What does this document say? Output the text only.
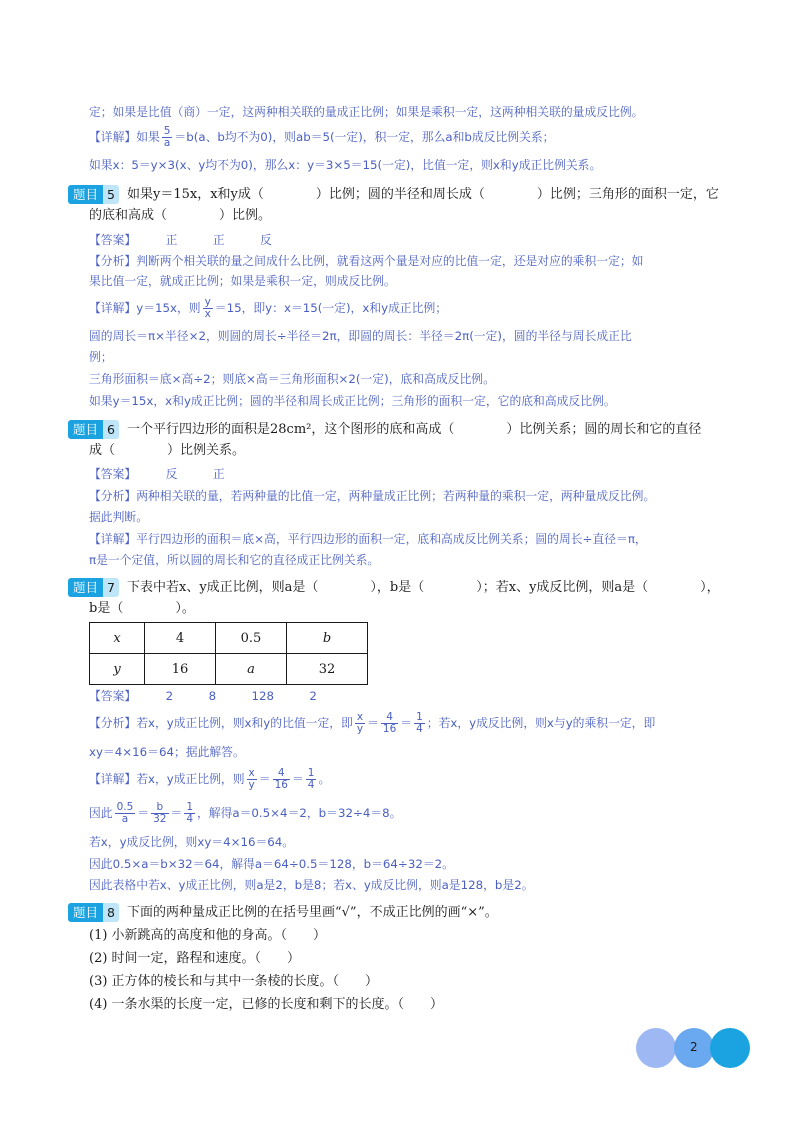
定；如果是比值（商）一定，这两种相关联的量成正比例；如果是乘积一定，这两种相关联的量成反比例。
【详解】如果 $\frac{5}{a} =b(a$、b均不为0)，则ab＝5(一定)，积一定，那么a和b成反比例关系；
如果x：5＝y×3(x、y均不为0)，那么x：y＝3×5＝15(一定)，比值一定，则x和y成正比例关系。
题目 5 如果y＝15x，x和y成（　　　　）比例；圆的半径和周长成（　　　　）比例；三角形的面积一定，它
的底和高成（　　　　）比例。
【答案】　　　正　　　正　　　反
【分析】判断两个相关联的量之间成什么比例，就看这两个量是对应的比值一定，还是对应的乘积一定；如
果比值一定，就成正比例；如果是乘积一定，则成反比例。
【详解】y＝15x，则 $\frac{y}{x} =15$，即y：x＝15(一定)，x和y成正比例；
圆的周长＝π×半径×2，则圆的周长÷半径＝2π，即圆的周长：半径＝2π(一定)，圆的半径与周长成正比
例；
三角形面积＝底×高÷2；则底×高＝三角形面积×2(一定)，底和高成反比例。
如果y＝15x，x和y成正比例；圆的半径和周长成正比例；三角形的面积一定，它的底和高成反比例。
题目 6 一个平行四边形的面积是28cm²，这个图形的底和高成（　　　　）比例关系；圆的周长和它的直径
成（　　　　）比例关系。
【答案】　　　反　　　正
【分析】两种相关联的量，若两种量的比值一定，两种量成正比例；若两种量的乘积一定，两种量成反比例。
据此判断。
【详解】平行四边形的面积＝底×高，平行四边形的面积一定，底和高成反比例关系；圆的周长÷直径＝π，
π是一个定值，所以圆的周长和它的直径成正比例关系。
题目 7 下表中若x、y成正比例，则a是（　　　　），b是（　　　　）；若x、y成反比例，则a是（　　　　），
b是（　　　　）。
x	4	0.5	b
y	16	a	32
【答案】　　　2　　　8　　　128　　　2
【分析】若x，y成正比例，则x和y的比值一定，即 $\frac{x}{y} = \frac{4}{16} = \frac{1}{4}$ ；若x，y成反比例，则x与y的乘积一定，即
xy＝4×16＝64；据此解答。
【详解】若x，y成正比例，则 $\frac{x}{y} = \frac{4}{16} = \frac{1}{4}$ 。
因此 $\frac{0.5}{a} = \frac{b}{32} = \frac{1}{4}$ ，解得a＝0.5×4＝2，b＝32÷4＝8。
若x，y成反比例，则xy＝4×16＝64。
因此0.5×a＝b×32＝64，解得a＝64÷0.5＝128，b＝64÷32＝2。
因此表格中若x、y成正比例，则a是2，b是8；若x、y成反比例，则a是128，b是2。
题目 8 下面的两种量成正比例的在括号里画“√”，不成正比例的画“×”。
(1) 小新跳高的高度和他的身高。（　　）
(2) 时间一定，路程和速度。（　　）
(3) 正方体的棱长和与其中一条棱的长度。（　　）
(4) 一条水渠的长度一定，已修的长度和剩下的长度。（　　）
2
